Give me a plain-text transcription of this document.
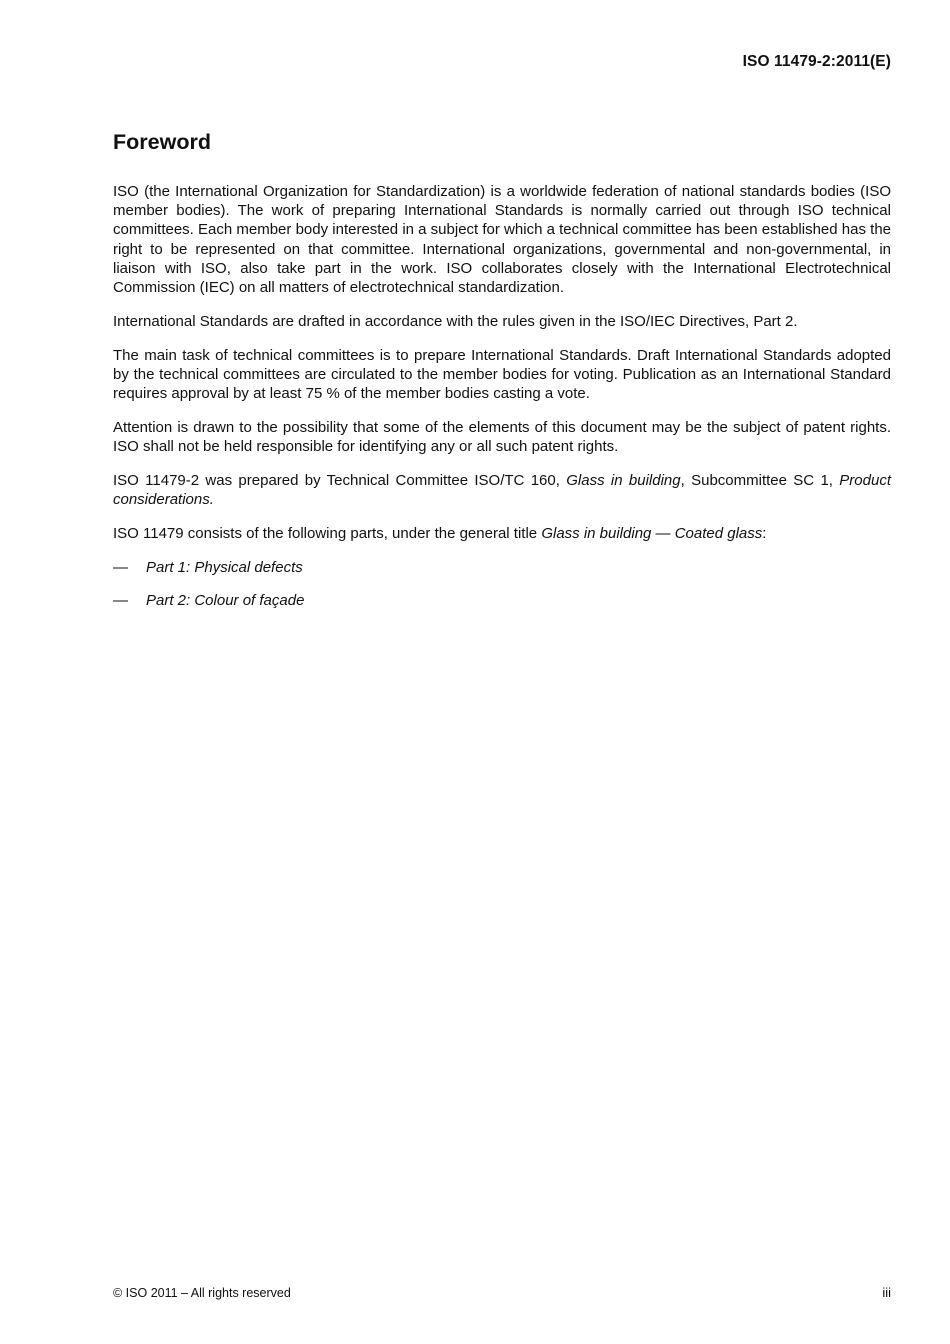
ISO 11479-2:2011(E)
Foreword

ISO (the International Organization for Standardization) is a worldwide federation of national standards bodies (ISO member bodies). The work of preparing International Standards is normally carried out through ISO technical committees. Each member body interested in a subject for which a technical committee has been established has the right to be represented on that committee. International organizations, governmental and non-governmental, in liaison with ISO, also take part in the work. ISO collaborates closely with the International Electrotechnical Commission (IEC) on all matters of electrotechnical standardization.

International Standards are drafted in accordance with the rules given in the ISO/IEC Directives, Part 2.

The main task of technical committees is to prepare International Standards. Draft International Standards adopted by the technical committees are circulated to the member bodies for voting. Publication as an International Standard requires approval by at least 75 % of the member bodies casting a vote.

Attention is drawn to the possibility that some of the elements of this document may be the subject of patent rights. ISO shall not be held responsible for identifying any or all such patent rights.

ISO 11479-2 was prepared by Technical Committee ISO/TC 160, Glass in building, Subcommittee SC 1, Product considerations.

ISO 11479 consists of the following parts, under the general title Glass in building — Coated glass:

— Part 1: Physical defects
— Part 2: Colour of façade
© ISO 2011 – All rights reserved	iii
